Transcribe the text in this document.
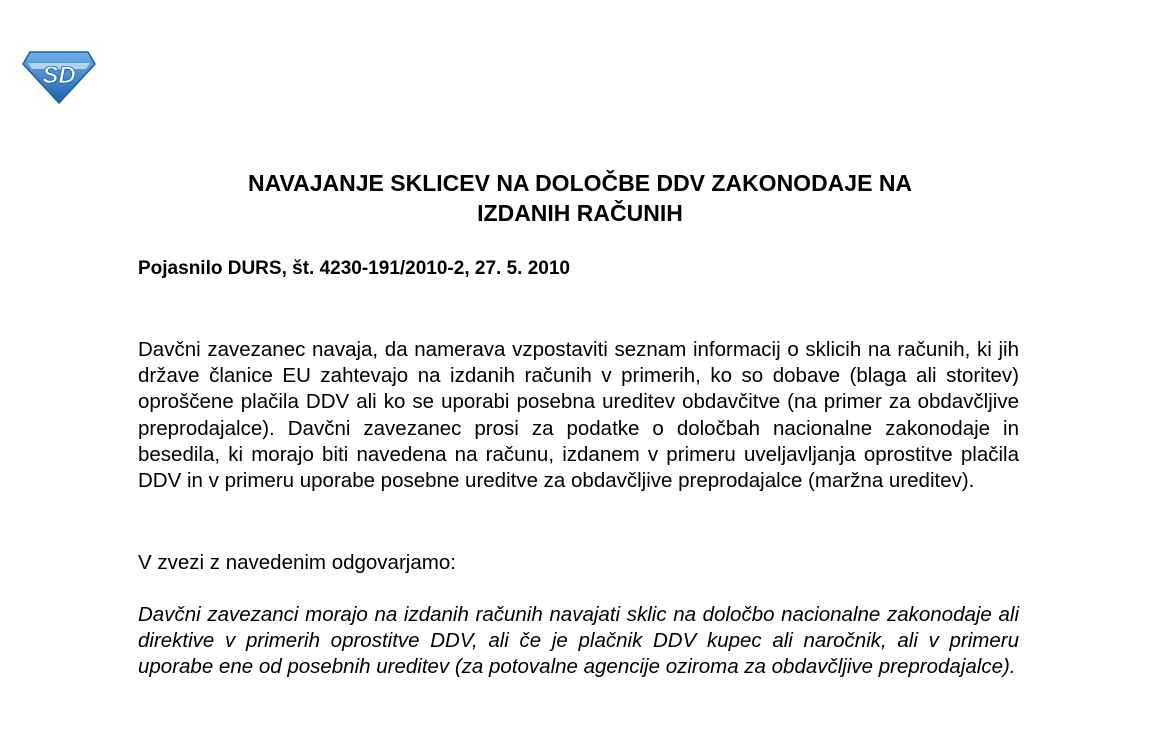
SD
NAVAJANJE SKLICEV NA DOLOČBE DDV ZAKONODAJE NA
IZDANIH RAČUNIH

Pojasnilo DURS, št. 4230-191/2010-2, 27. 5. 2010

Davčni zavezanec navaja, da namerava vzpostaviti seznam informacij o sklicih na računih, ki jih države članice EU zahtevajo na izdanih računih v primerih, ko so dobave (blaga ali storitev) oproščene plačila DDV ali ko se uporabi posebna ureditev obdavčitve (na primer za obdavčljive preprodajalce). Davčni zavezanec prosi za podatke o določbah nacionalne zakonodaje in besedila, ki morajo biti navedena na računu, izdanem v primeru uveljavljanja oprostitve plačila DDV in v primeru uporabe posebne ureditve za obdavčljive preprodajalce (maržna ureditev).

V zvezi z navedenim odgovarjamo:

Davčni zavezanci morajo na izdanih računih navajati sklic na določbo nacionalne zakonodaje ali direktive v primerih oprostitve DDV, ali če je plačnik DDV kupec ali naročnik, ali v primeru uporabe ene od posebnih ureditev (za potovalne agencije oziroma za obdavčljive preprodajalce).
